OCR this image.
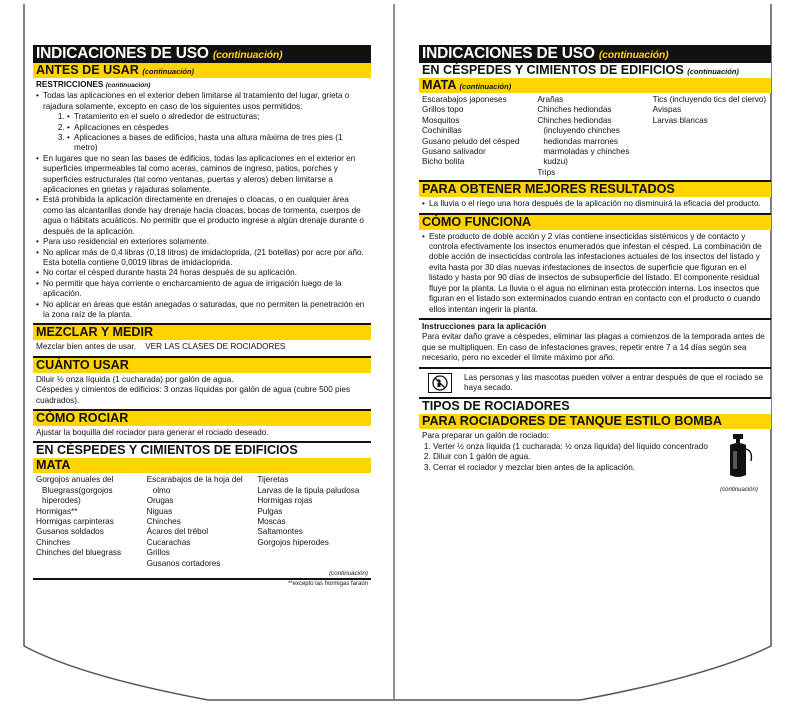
INDICACIONES DE USO (continuación)
ANTES DE USAR (continuación)
RESTRICCIONES (continuación)
• Todas las aplicaciones en el exterior deben limitarse al tratamiento del lugar, grieta o rajadura solamente, excepto en caso de los siguientes usos permitidos:
• 1. Tratamiento en el suelo o alrededor de estructuras;
• 2. Aplicaciones en céspedes
• 3. Aplicaciones a bases de edificios, hasta una altura máxima de tres pies (1 metro)
• En lugares que no sean las bases de edificios, todas las aplicaciones en el exterior en superficies impermeables tal como aceras, caminos de ingreso, patios, porches y superficies estructurales (tal como ventanas, puertas y aleros) deben limitarse a aplicaciones en grietas y rajaduras solamente.
• Está prohibida la aplicación directamente en drenajes o cloacas, o en cualquier área como las alcantarillas donde hay drenaje hacia cloacas, bocas de tormenta, cuerpos de agua o hábitats acuáticos. No permitir que el producto ingrese a algún drenaje durante o después de la aplicación.
• Para uso residencial en exteriores solamente.
• No aplicar más de 0,4 libras (0,18 litros) de imidacloprida, (21 botellas) por acre por año. Esta botella contiene 0,0019 libras de imidacloprida.
• No cortar el césped durante hasta 24 horas después de su aplicación.
• No permitir que haya corriente o encharcamiento de agua de irrigación luego de la aplicación.
• No aplicar en áreas que están anegadas o saturadas, que no permiten la penetración en la zona raíz de la planta.
MEZCLAR Y MEDIR
Mezclar bien antes de usar.    VER LAS CLASES DE ROCIADORES
CUÁNTO USAR
Diluir ½ onza líquida (1 cucharada) por galón de agua.
Céspedes y cimientos de edificios: 3 onzas líquidas por galón de agua (cubre 500 pies cuadrados).
CÓMO ROCIAR
Ajustar la boquilla del rociador para generar el rociado deseado.
EN CÉSPEDES Y CIMIENTOS DE EDIFICIOS
MATA
Gorgojos anuales del Bluegrass(gorgojos hiperodes)
Hormigas**
Hormigas carpinteras
Gusanos soldados
Chinches
Chinches del bluegrass
Escarabajos de la hoja del olmo
Orugas
Niguas
Chinches
Ácaros del trébol
Cucarachas
Grillos
Gusanos cortadores
Tijeretas
Larvas de la tipula paludosa
Hormigas rojas
Pulgas
Moscas
Saltamontes
Gorgojos hiperodes
(continuación)
**excepto las hormigas faraón
INDICACIONES DE USO (continuación)
EN CÉSPEDES Y CIMIENTOS DE EDIFICIOS (continuación)
MATA (continuación)
Escarabajos japoneses
Grillos topo
Mosquitos
Cochinillas
Gusano peludo del césped
Gusano salivador
Bicho bolita
Arañas
Chinches hediondas
Chinches hediondas (incluyendo chinches hediondas marrones marmoladas y chinches kudzu)
Trips
Tics (incluyendo tics del ciervo)
Avispas
Larvas blancas
PARA OBTENER MEJORES RESULTADOS
• La lluvia o el riego una hora después de la aplicación no disminuirá la eficacia del producto.
CÓMO FUNCIONA
• Este producto de doble acción y 2 vías contiene insecticidas sistémicos y de contacto y controla efectivamente los insectos enumerados que infestan el césped. La combinación de doble acción de insecticidas controla las infestaciones actuales de los insectos del listado y evita hasta por 30 días nuevas infestaciones de insectos de superficie que figuran en el listado y hasta por 90 días de insectos de subsuperficie del listado. El componente residual fluye por la planta. La lluvia o el agua no eliminan esta protección interna. Los insectos que figuran en el listado son exterminados cuando entran en contacto con el producto o cuando ellos intentan ingerir la planta.
Instrucciones para la aplicación
Para evitar daño grave a céspedes, eliminar las plagas a comienzos de la temporada antes de que se multipliquen. En caso de infestaciones graves, repetir entre 7 a 14 días según sea necesario, pero no exceder el límite máximo por año.
Las personas y las mascotas pueden volver a entrar después de que el rociado se haya secado.
TIPOS DE ROCIADORES
PARA ROCIADORES DE TANQUE ESTILO BOMBA
Para preparar un galón de rociado:
1. Verter ½ onza líquida (1 cucharada: ½ onza líquida) del líquido concentrado
2. Diluir con 1 galón de agua.
3. Cerrar el rociador y mezclar bien antes de la aplicación.
(continuación)
